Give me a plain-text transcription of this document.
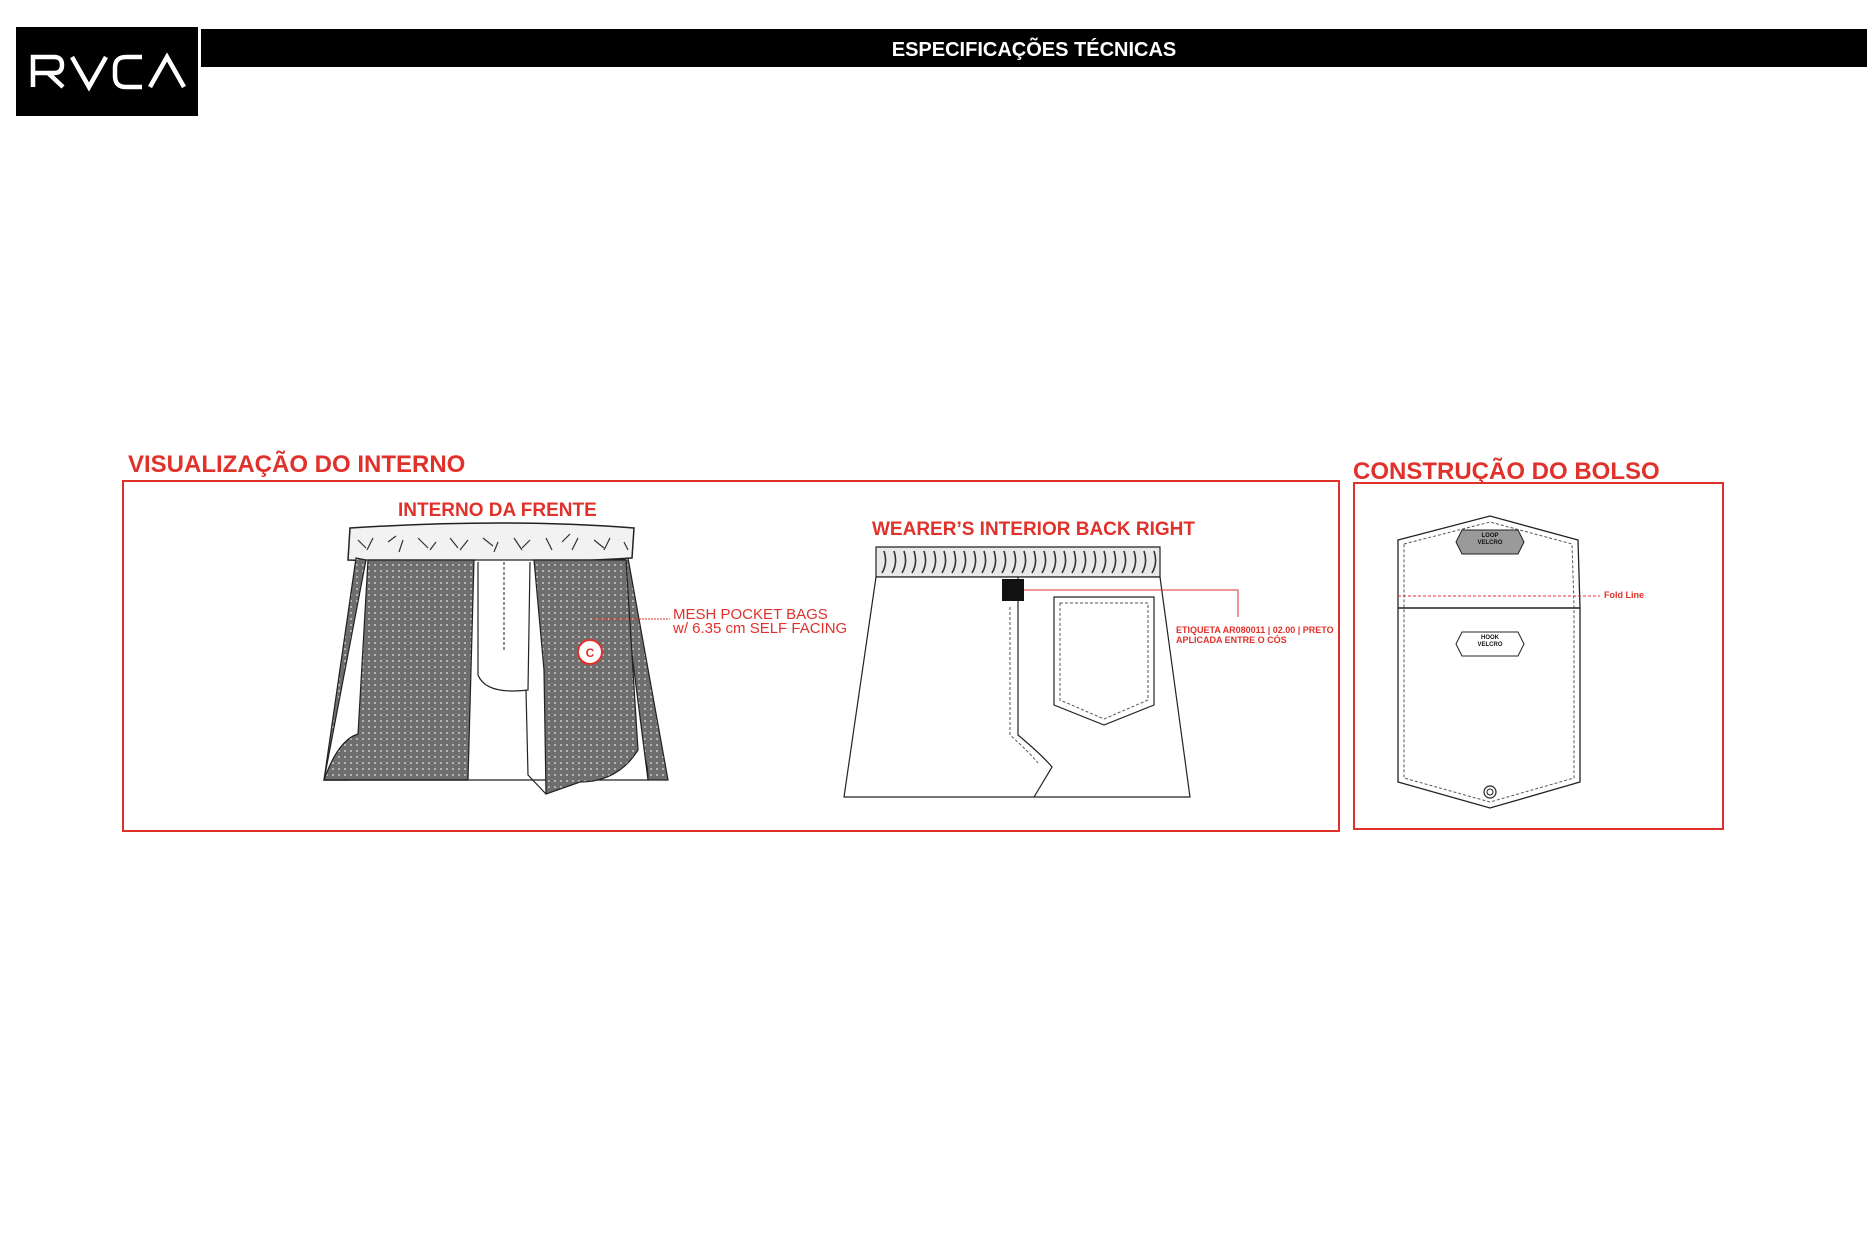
ESPECIFICAÇÕES TÉCNICAS
VISUALIZAÇÃO DO INTERNO
INTERNO DA FRENTE
WEARER’S INTERIOR BACK RIGHT
C
MESH POCKET BAGS
w/ 6.35 cm SELF FACING	ETIQUETA AR080011 | 02.00 | PRETO
APLICADA ENTRE O CÓS
CONSTRUÇÃO DO BOLSO
Fold Line
LOOP
VELCRO
HOOK
VELCRO
